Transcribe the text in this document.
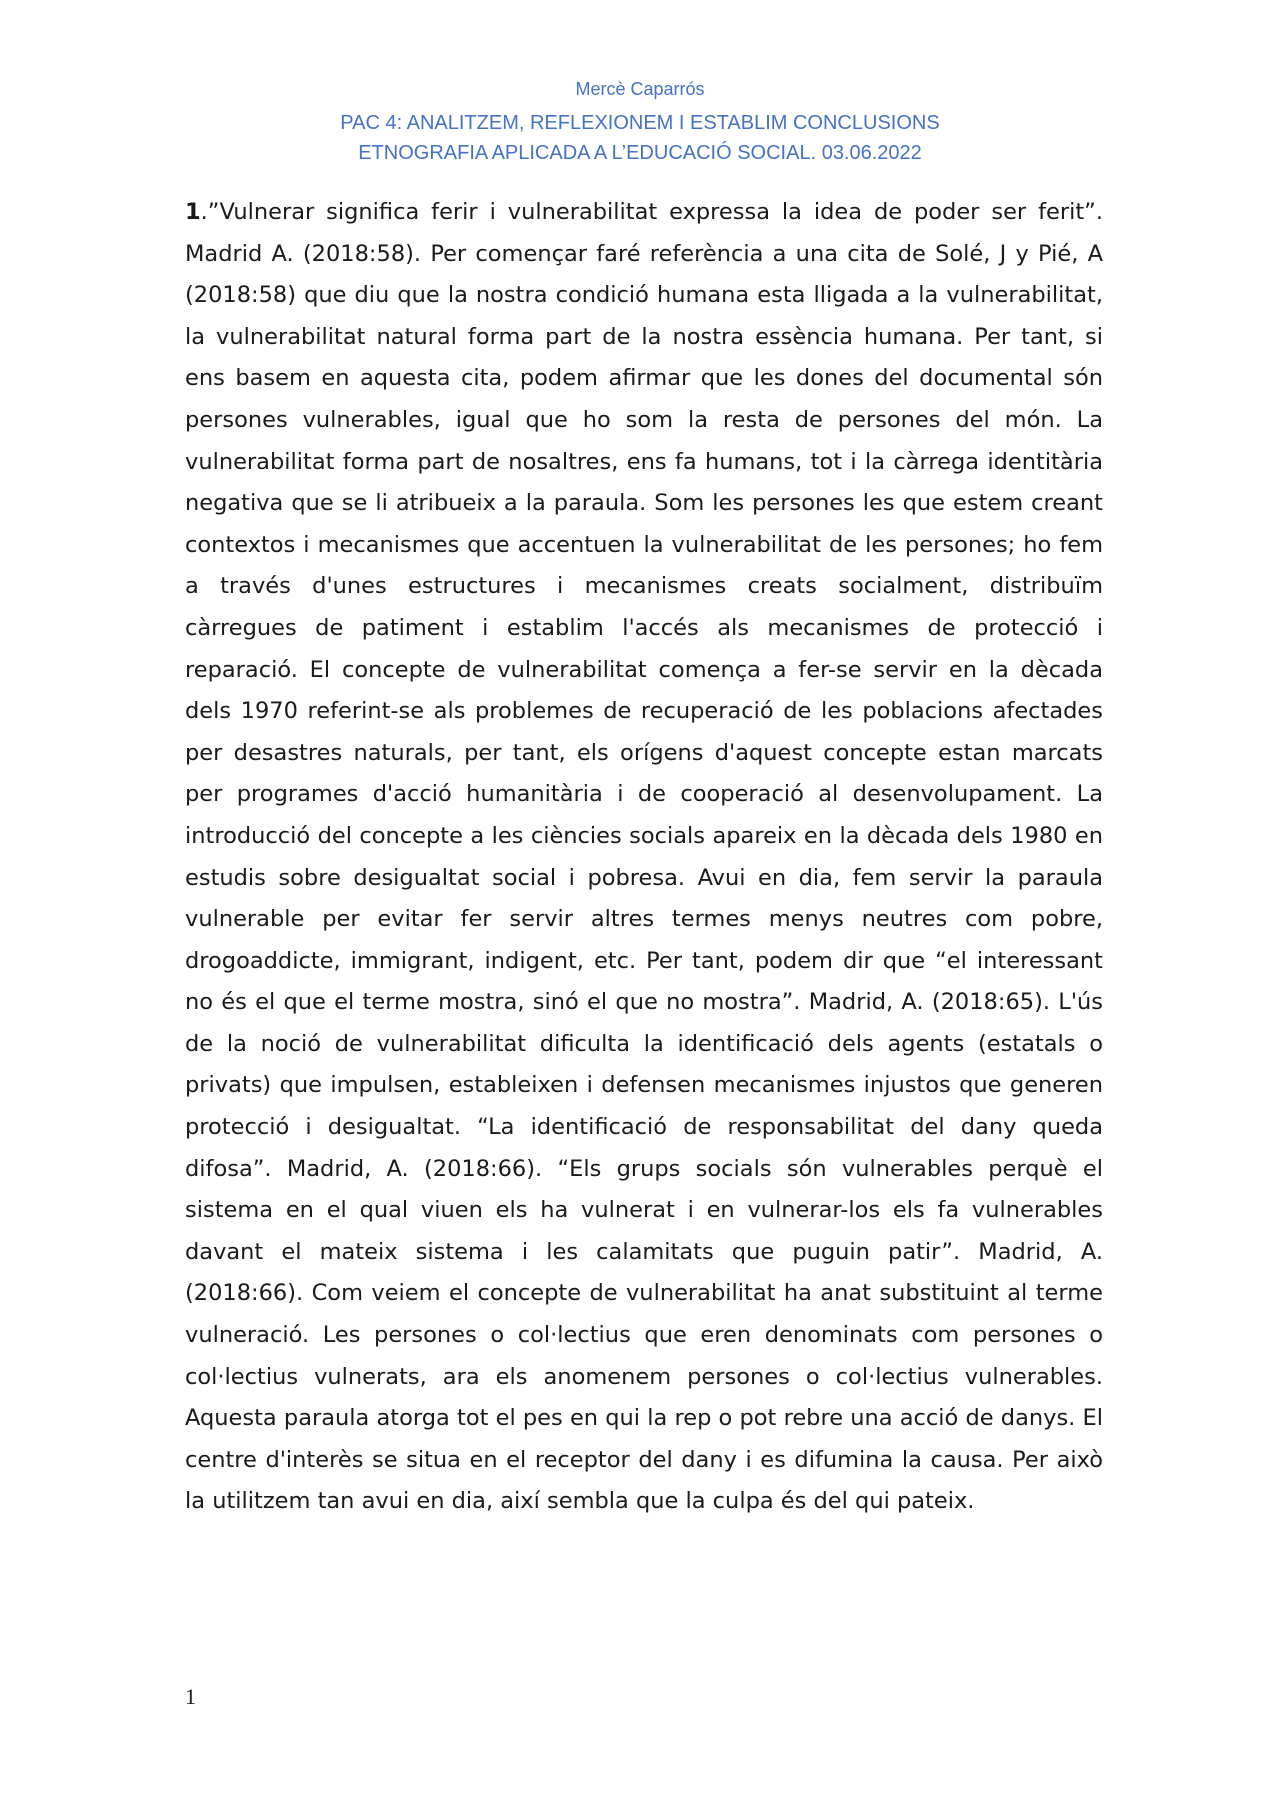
Mercè Caparrós
PAC 4: ANALITZEM, REFLEXIONEM I ESTABLIM CONCLUSIONS
ETNOGRAFIA APLICADA A L’EDUCACIÓ SOCIAL. 03.06.2022

1.”Vulnerar significa ferir i vulnerabilitat expressa la idea de poder ser ferit”. Madrid A. (2018:58). Per començar faré referència a una cita de Solé, J y Pié, A (2018:58) que diu que la nostra condició humana esta lligada a la vulnerabilitat, la vulnerabilitat natural forma part de la nostra essència humana. Per tant, si ens basem en aquesta cita, podem afirmar que les dones del documental són persones vulnerables, igual que ho som la resta de persones del món. La vulnerabilitat forma part de nosaltres, ens fa humans, tot i la càrrega identitària negativa que se li atribueix a la paraula. Som les persones les que estem creant contextos i mecanismes que accentuen la vulnerabilitat de les persones; ho fem a través d'unes estructures i mecanismes creats socialment, distribuïm càrregues de patiment i establim l'accés als mecanismes de protecció i reparació. El concepte de vulnerabilitat comença a fer-se servir en la dècada dels 1970 referint-se als problemes de recuperació de les poblacions afectades per desastres naturals, per tant, els orígens d'aquest concepte estan marcats per programes d'acció humanitària i de cooperació al desenvolupament. La introducció del concepte a les ciències socials apareix en la dècada dels 1980 en estudis sobre desigualtat social i pobresa. Avui en dia, fem servir la paraula vulnerable per evitar fer servir altres termes menys neutres com pobre, drogoaddicte, immigrant, indigent, etc. Per tant, podem dir que “el interessant no és el que el terme mostra, sinó el que no mostra”. Madrid, A. (2018:65). L'ús de la noció de vulnerabilitat dificulta la identificació dels agents (estatals o privats) que impulsen, estableixen i defensen mecanismes injustos que generen protecció i desigualtat. “La identificació de responsabilitat del dany queda difosa”. Madrid, A. (2018:66). “Els grups socials són vulnerables perquè el sistema en el qual viuen els ha vulnerat i en vulnerar-los els fa vulnerables davant el mateix sistema i les calamitats que puguin patir”. Madrid, A. (2018:66). Com veiem el concepte de vulnerabilitat ha anat substituint al terme vulneració. Les persones o col·lectius que eren denominats com persones o col·lectius vulnerats, ara els anomenem persones o col·lectius vulnerables. Aquesta paraula atorga tot el pes en qui la rep o pot rebre una acció de danys. El centre d'interès se situa en el receptor del dany i es difumina la causa. Per això la utilitzem tan avui en dia, així sembla que la culpa és del qui pateix.

1
